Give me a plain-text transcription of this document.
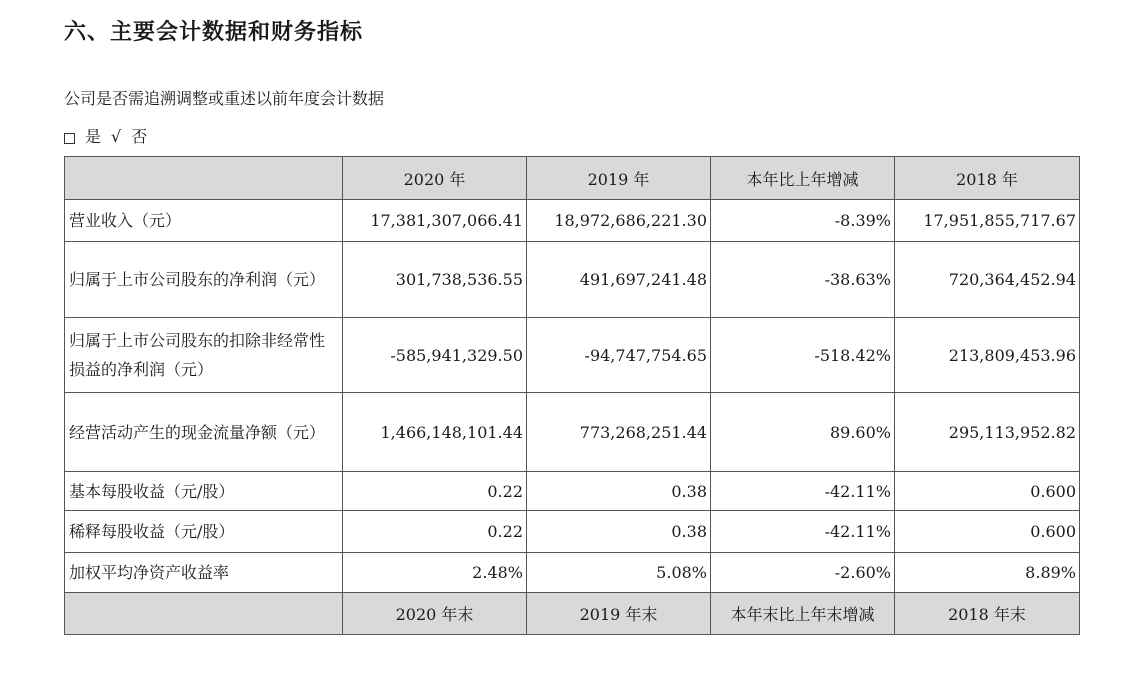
六、主要会计数据和财务指标
公司是否需追溯调整或重述以前年度会计数据
是 √ 否
	2020 年	2019 年	本年比上年增减	2018 年
营业收入（元）	17,381,307,066.41	18,972,686,221.30	-8.39%	17,951,855,717.67
归属于上市公司股东的净利润（元）	301,738,536.55	491,697,241.48	-38.63%	720,364,452.94
归属于上市公司股东的扣除非经常性损益的净利润（元）	-585,941,329.50	-94,747,754.65	-518.42%	213,809,453.96
经营活动产生的现金流量净额（元）	1,466,148,101.44	773,268,251.44	89.60%	295,113,952.82
基本每股收益（元/股）	0.22	0.38	-42.11%	0.600
稀释每股收益（元/股）	0.22	0.38	-42.11%	0.600
加权平均净资产收益率	2.48%	5.08%	-2.60%	8.89%
	2020 年末	2019 年末	本年末比上年末增减	2018 年末
